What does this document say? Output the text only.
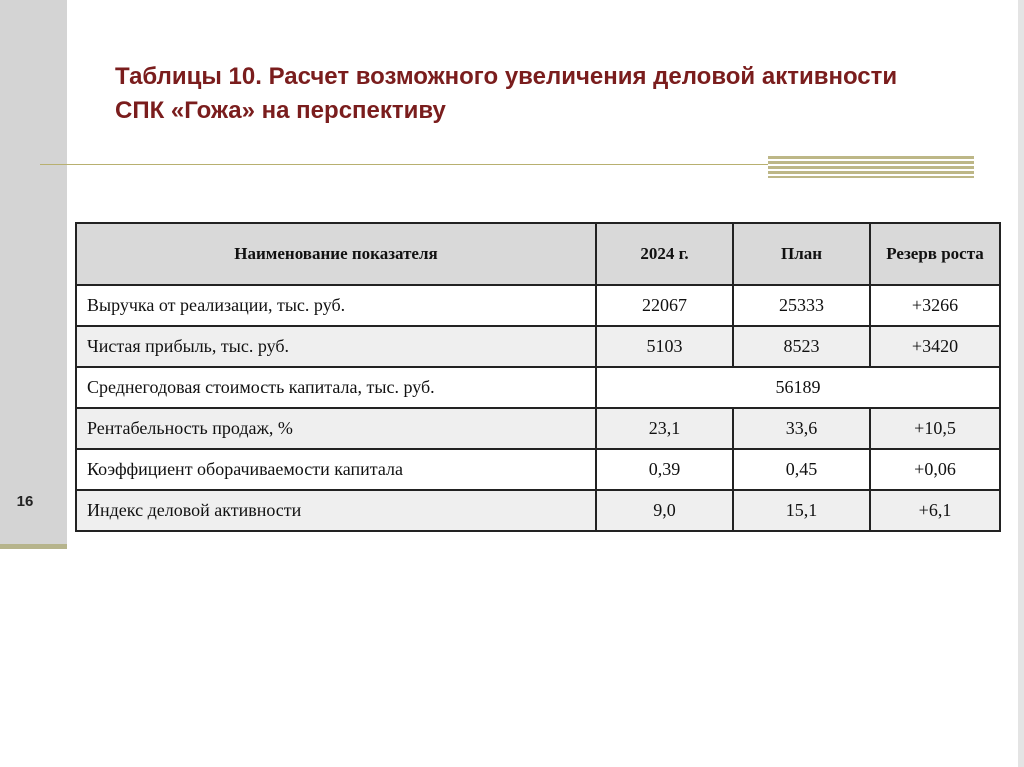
16
Таблицы 10. Расчет возможного увеличения деловой активности СПК «Гожа» на перспективу
Наименование показателя	2024 г.	План	Резерв роста
Выручка от реализации, тыс. руб.	22067	25333	+3266
Чистая прибыль, тыс. руб.	5103	8523	+3420
Среднегодовая стоимость капитала, тыс. руб.	56189		
Рентабельность продаж, %	23,1	33,6	+10,5
Коэффициент оборачиваемости капитала	0,39	0,45	+0,06
Индекс деловой активности	9,0	15,1	+6,1
